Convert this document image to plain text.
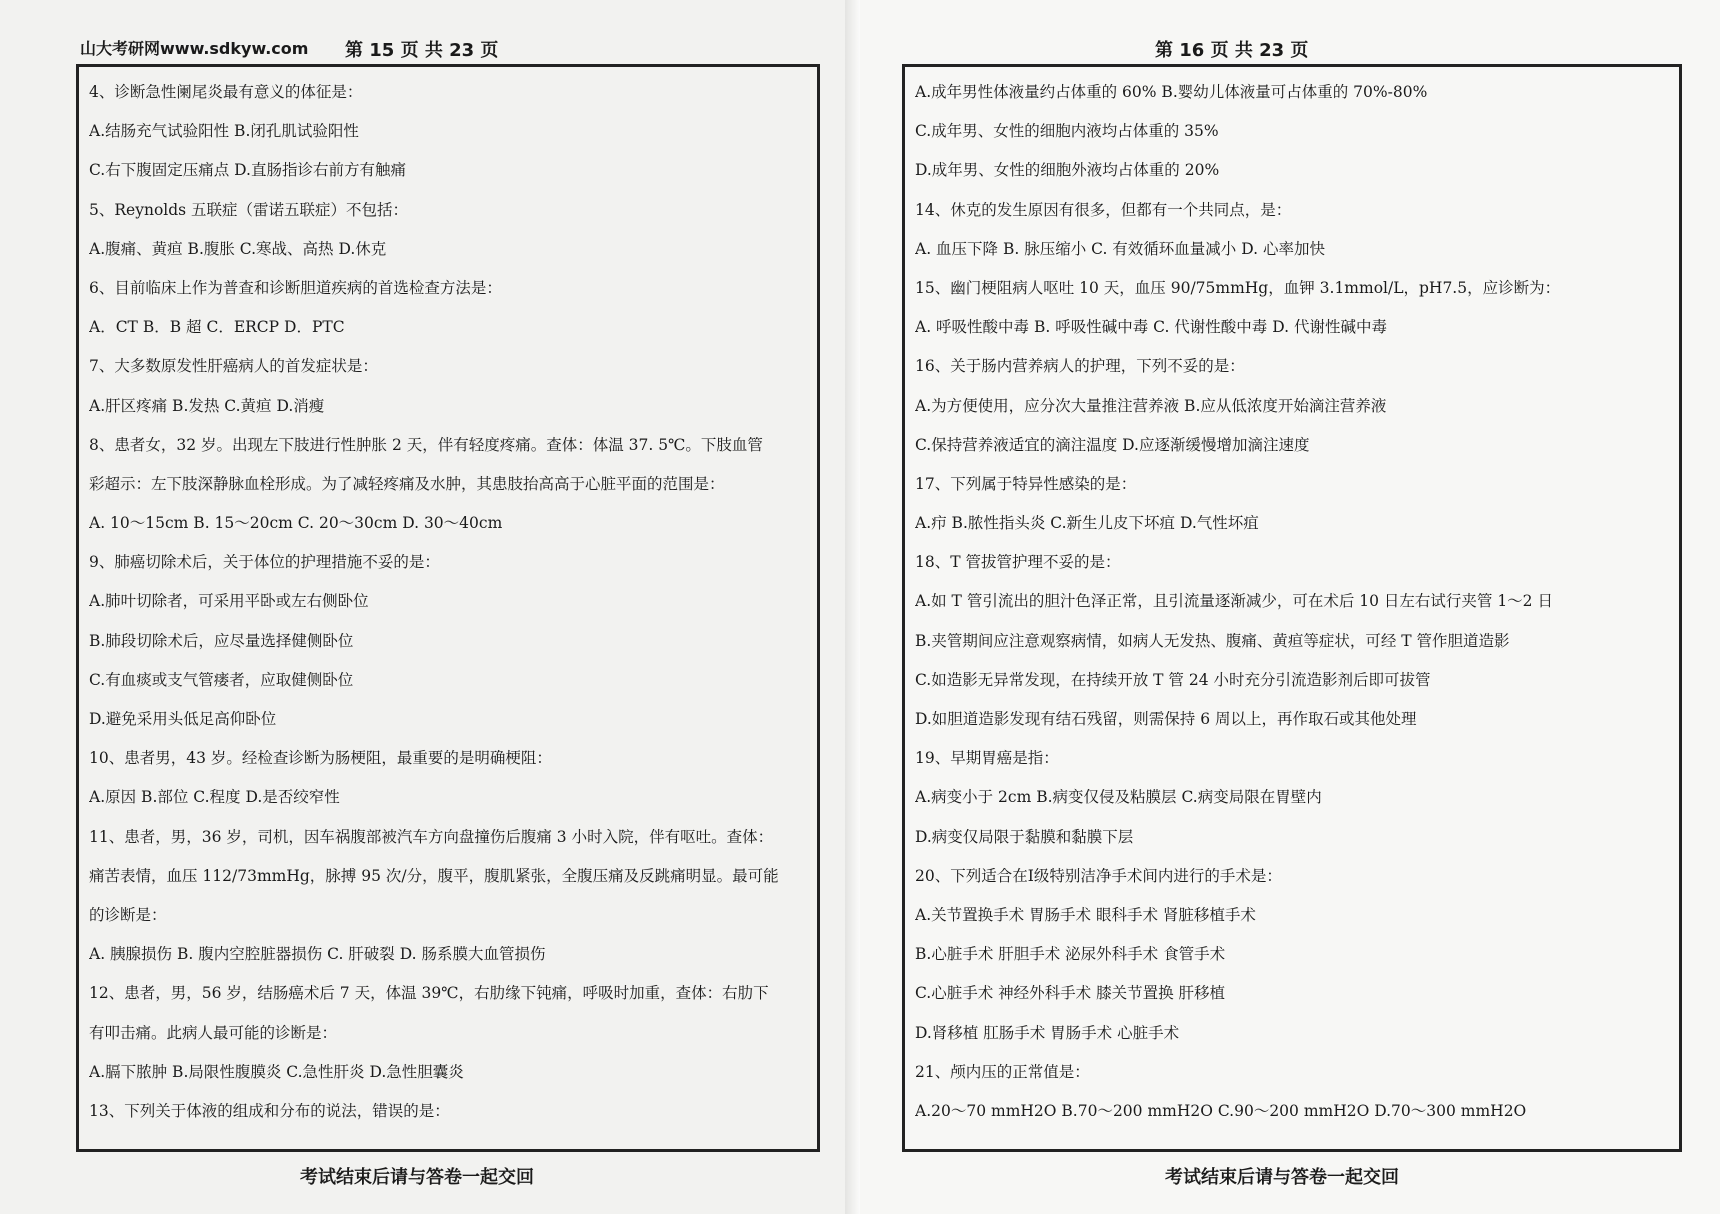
山大考研网www.sdkyw.com 第 15 页 共 23 页
4、诊断急性阑尾炎最有意义的体征是：
A.结肠充气试验阳性 B.闭孔肌试验阳性
C.右下腹固定压痛点 D.直肠指诊右前方有触痛
5、Reynolds 五联症（雷诺五联症）不包括：
A.腹痛、黄疸 B.腹胀 C.寒战、高热 D.休克
6、目前临床上作为普查和诊断胆道疾病的首选检查方法是：
A．CT B．B 超 C．ERCP D．PTC
7、大多数原发性肝癌病人的首发症状是：
A.肝区疼痛 B.发热 C.黄疸 D.消瘦
8、患者女，32 岁。出现左下肢进行性肿胀 2 天，伴有轻度疼痛。查体：体温 37. 5℃。下肢血管
彩超示：左下肢深静脉血栓形成。为了减轻疼痛及水肿，其患肢抬高高于心脏平面的范围是：
A. 10～15cm B. 15～20cm C. 20～30cm D. 30～40cm
9、肺癌切除术后，关于体位的护理措施不妥的是：
A.肺叶切除者，可采用平卧或左右侧卧位
B.肺段切除术后，应尽量选择健侧卧位
C.有血痰或支气管瘘者，应取健侧卧位
D.避免采用头低足高仰卧位
10、患者男，43 岁。经检查诊断为肠梗阻，最重要的是明确梗阻：
A.原因 B.部位 C.程度 D.是否绞窄性
11、患者，男，36 岁，司机，因车祸腹部被汽车方向盘撞伤后腹痛 3 小时入院，伴有呕吐。查体：
痛苦表情，血压 112/73mmHg，脉搏 95 次/分，腹平，腹肌紧张，全腹压痛及反跳痛明显。最可能
的诊断是：
A. 胰腺损伤 B. 腹内空腔脏器损伤 C. 肝破裂 D. 肠系膜大血管损伤
12、患者，男，56 岁，结肠癌术后 7 天，体温 39℃，右肋缘下钝痛，呼吸时加重，查体：右肋下
有叩击痛。此病人最可能的诊断是：
A.膈下脓肿 B.局限性腹膜炎 C.急性肝炎 D.急性胆囊炎
13、下列关于体液的组成和分布的说法，错误的是：
考试结束后请与答卷一起交回
第 16 页 共 23 页
A.成年男性体液量约占体重的 60% B.婴幼儿体液量可占体重的 70%-80%
C.成年男、女性的细胞内液均占体重的 35%
D.成年男、女性的细胞外液均占体重的 20%
14、休克的发生原因有很多，但都有一个共同点，是：
A. 血压下降 B. 脉压缩小 C. 有效循环血量减小 D. 心率加快
15、幽门梗阻病人呕吐 10 天，血压 90/75mmHg，血钾 3.1mmol/L，pH7.5，应诊断为：
A. 呼吸性酸中毒 B. 呼吸性碱中毒 C. 代谢性酸中毒 D. 代谢性碱中毒
16、关于肠内营养病人的护理，下列不妥的是：
A.为方便使用，应分次大量推注营养液 B.应从低浓度开始滴注营养液
C.保持营养液适宜的滴注温度 D.应逐渐缓慢增加滴注速度
17、下列属于特异性感染的是：
A.疖 B.脓性指头炎 C.新生儿皮下坏疽 D.气性坏疽
18、T 管拔管护理不妥的是：
A.如 T 管引流出的胆汁色泽正常，且引流量逐渐减少，可在术后 10 日左右试行夹管 1～2 日
B.夹管期间应注意观察病情，如病人无发热、腹痛、黄疸等症状，可经 T 管作胆道造影
C.如造影无异常发现，在持续开放 T 管 24 小时充分引流造影剂后即可拔管
D.如胆道造影发现有结石残留，则需保持 6 周以上，再作取石或其他处理
19、早期胃癌是指：
A.病变小于 2cm B.病变仅侵及粘膜层 C.病变局限在胃壁内
D.病变仅局限于黏膜和黏膜下层
20、下列适合在Ⅰ级特别洁净手术间内进行的手术是：
A.关节置换手术 胃肠手术 眼科手术 肾脏移植手术
B.心脏手术 肝胆手术 泌尿外科手术 食管手术
C.心脏手术 神经外科手术 膝关节置换 肝移植
D.肾移植 肛肠手术 胃肠手术 心脏手术
21、颅内压的正常值是：
A.20～70 mmH2O B.70～200 mmH2O C.90～200 mmH2O D.70～300 mmH2O
考试结束后请与答卷一起交回
